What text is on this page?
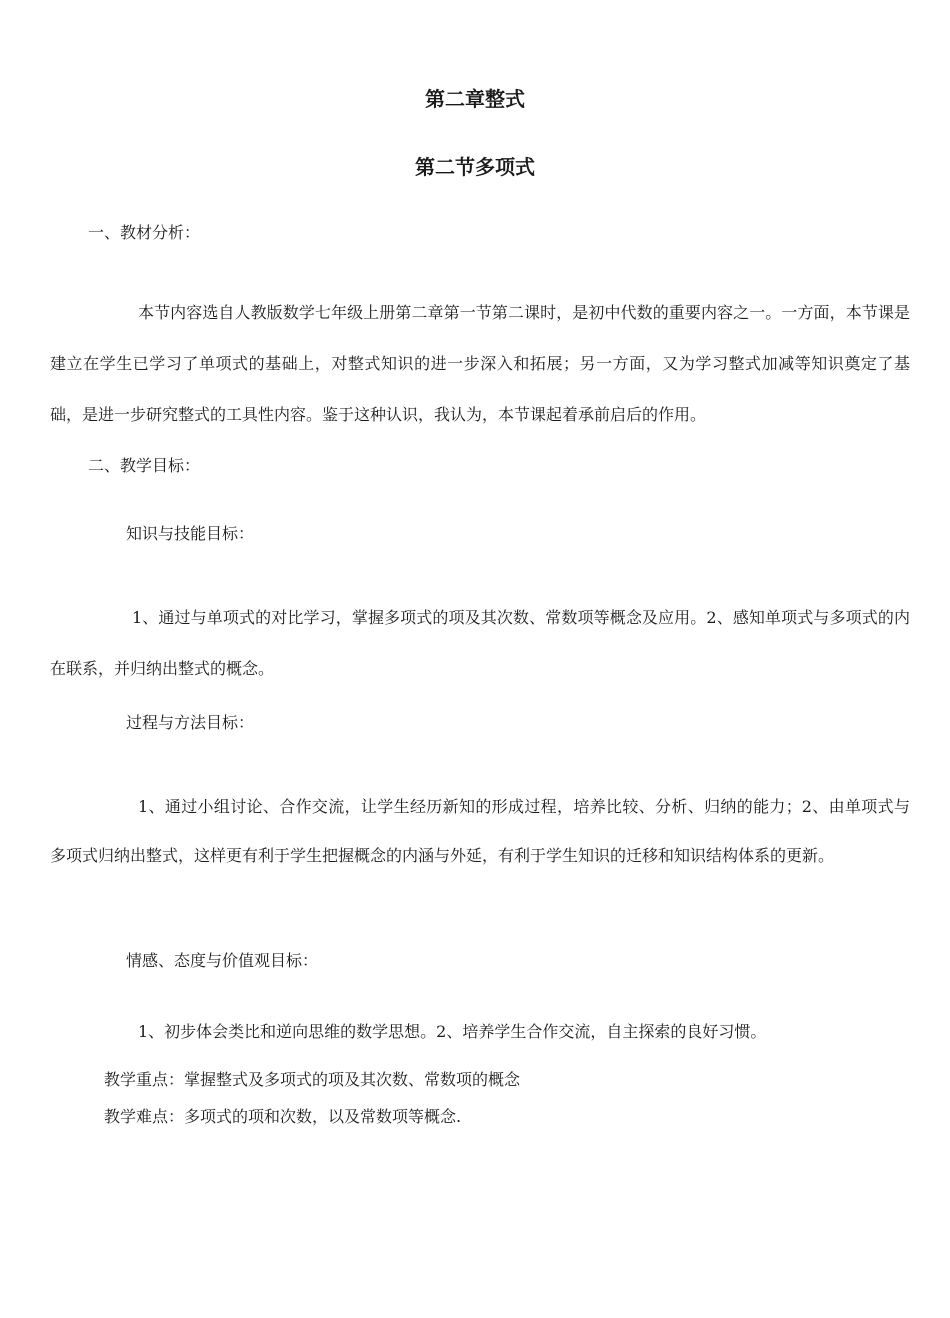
第二章整式
第二节多项式
一、教材分析：
本节内容选自人教版数学七年级上册第二章第一节第二课时，是初中代数的重要内容之一。一方面，本节课是建立在学生已学习了单项式的基础上，对整式知识的进一步深入和拓展；另一方面，又为学习整式加减等知识奠定了基础，是进一步研究整式的工具性内容。鉴于这种认识，我认为，本节课起着承前启后的作用。
二、教学目标：
知识与技能目标：
1、通过与单项式的对比学习，掌握多项式的项及其次数、常数项等概念及应用。2、感知单项式与多项式的内在联系，并归纳出整式的概念。
过程与方法目标：
1、通过小组讨论、合作交流，让学生经历新知的形成过程，培养比较、分析、归纳的能力；2、由单项式与多项式归纳出整式，这样更有利于学生把握概念的内涵与外延，有利于学生知识的迁移和知识结构体系的更新。
情感、态度与价值观目标：
1、初步体会类比和逆向思维的数学思想。2、培养学生合作交流，自主探索的良好习惯。
教学重点：掌握整式及多项式的项及其次数、常数项的概念
教学难点：多项式的项和次数，以及常数项等概念.
